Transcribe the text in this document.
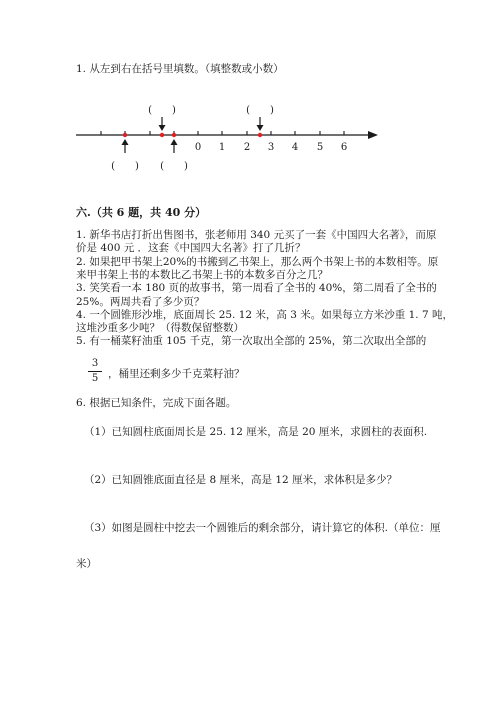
1. 从左到右在括号里填数。（填整数或小数）
0 1 2 3 4 5 6
(　　)	(　　)
(　　) (　　)
六.（共 6 题，共 40 分）
1. 新华书店打折出售图书，张老师用 340 元买了一套《中国四大名著》，而原
价是 400 元 ．这套《中国四大名著》打了几折？
2. 如果把甲书架上20%的书搬到乙书架上，那么两个书架上书的本数相等。原
来甲书架上书的本数比乙书架上书的本数多百分之几？
3. 笑笑看一本 180 页的故事书，第一周看了全书的 40%，第二周看了全书的
25%。两周共看了多少页？
4. 一个圆锥形沙堆，底面周长 25. 12 米，高 3 米。如果每立方米沙重 1. 7 吨，
这堆沙重多少吨？（得数保留整数）
5. 有一桶菜籽油重 105 千克，第一次取出全部的 25%，第二次取出全部的
3
5 ，桶里还剩多少千克菜籽油？
6. 根据已知条件，完成下面各题。
（1）已知圆柱底面周长是 25. 12 厘米，高是 20 厘米，求圆柱的表面积.
（2）已知圆锥底面直径是 8 厘米，高是 12 厘米，求体积是多少？
（3）如图是圆柱中挖去一个圆锥后的剩余部分，请计算它的体积.（单位：厘
米）
